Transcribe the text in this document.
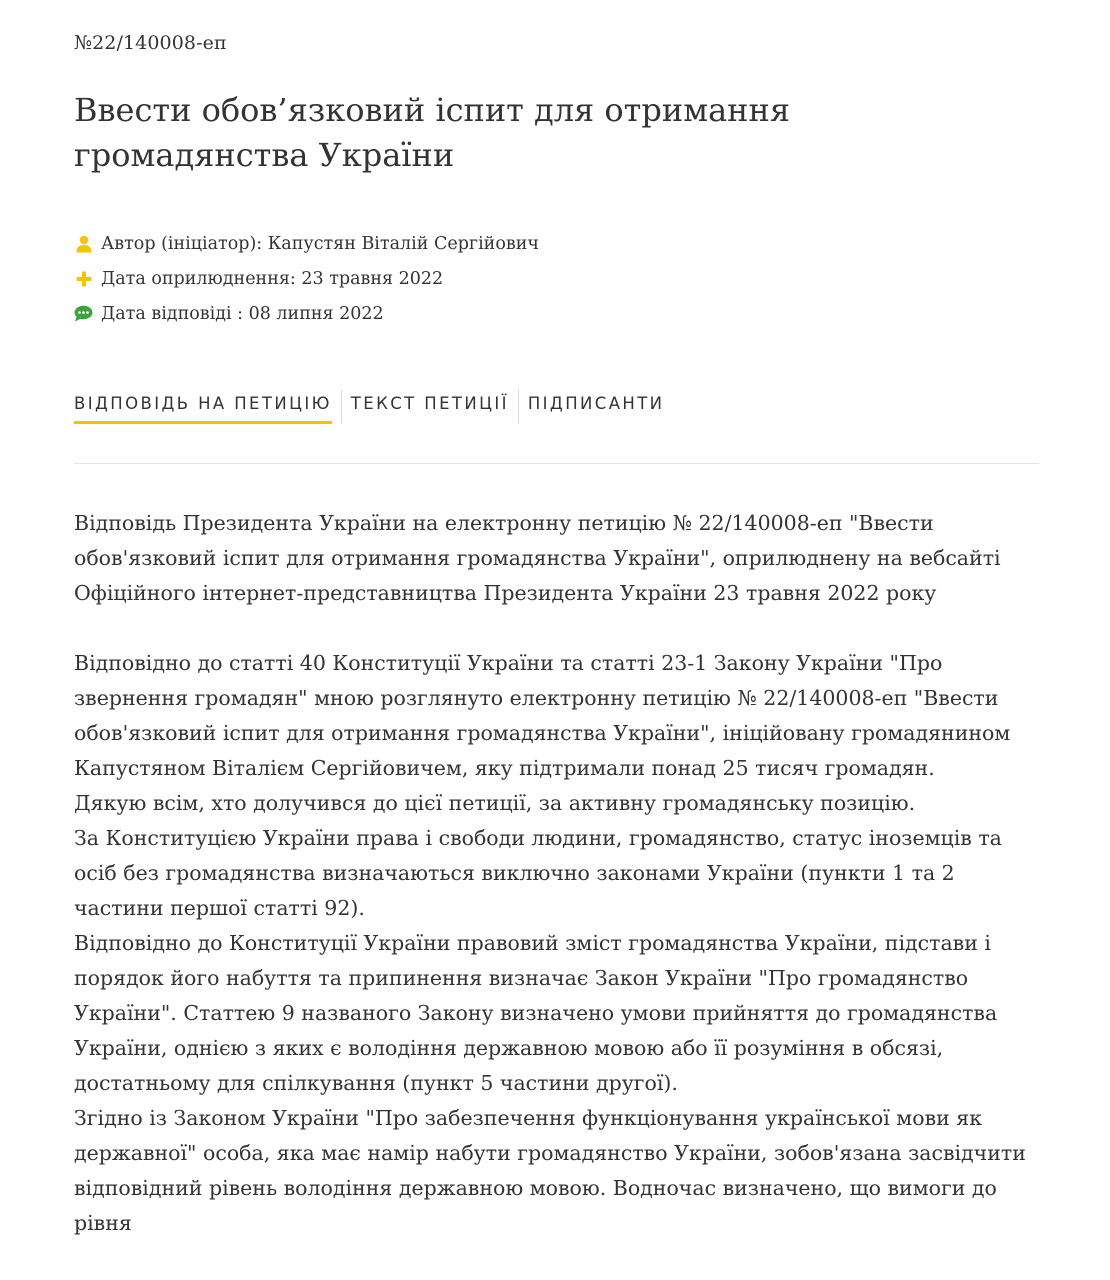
№22/140008-еп
Ввести обов’язковий іспит для отримання громадянства України
Автор (ініціатор): Капустян Віталій Сергійович
Дата оприлюднення: 23 травня 2022
Дата відповіді : 08 липня 2022
ВІДПОВІДЬ НА ПЕТИЦІЮ ТЕКСТ ПЕТИЦІЇ ПІДПИСАНТИ

Відповідь Президента України на електронну петицію № 22/140008-еп "Ввести обов'язковий іспит для отримання громадянства України", оприлюднену на вебсайті Офіційного інтернет-представництва Президента України 23 травня 2022 року

Відповідно до статті 40 Конституції України та статті 23-1 Закону України "Про звернення громадян" мною розглянуто електронну петицію № 22/140008-еп "Ввести обов'язковий іспит для отримання громадянства України", ініційовану громадянином Капустяном Віталієм Сергійовичем, яку підтримали понад 25 тисяч громадян.

Дякую всім, хто долучився до цієї петиції, за активну громадянську позицію.

За Конституцією України права і свободи людини, громадянство, статус іноземців та осіб без громадянства визначаються виключно законами України (пункти 1 та 2 частини першої статті 92).

Відповідно до Конституції України правовий зміст громадянства України, підстави і порядок його набуття та припинення визначає Закон України "Про громадянство України". Статтею 9 названого Закону визначено умови прийняття до громадянства України, однією з яких є володіння державною мовою або її розуміння в обсязі, достатньому для спілкування (пункт 5 частини другої).

Згідно із Законом України "Про забезпечення функціонування української мови як державної" особа, яка має намір набути громадянство України, зобов'язана засвідчити відповідний рівень володіння державною мовою. Водночас визначено, що вимоги до рівня
